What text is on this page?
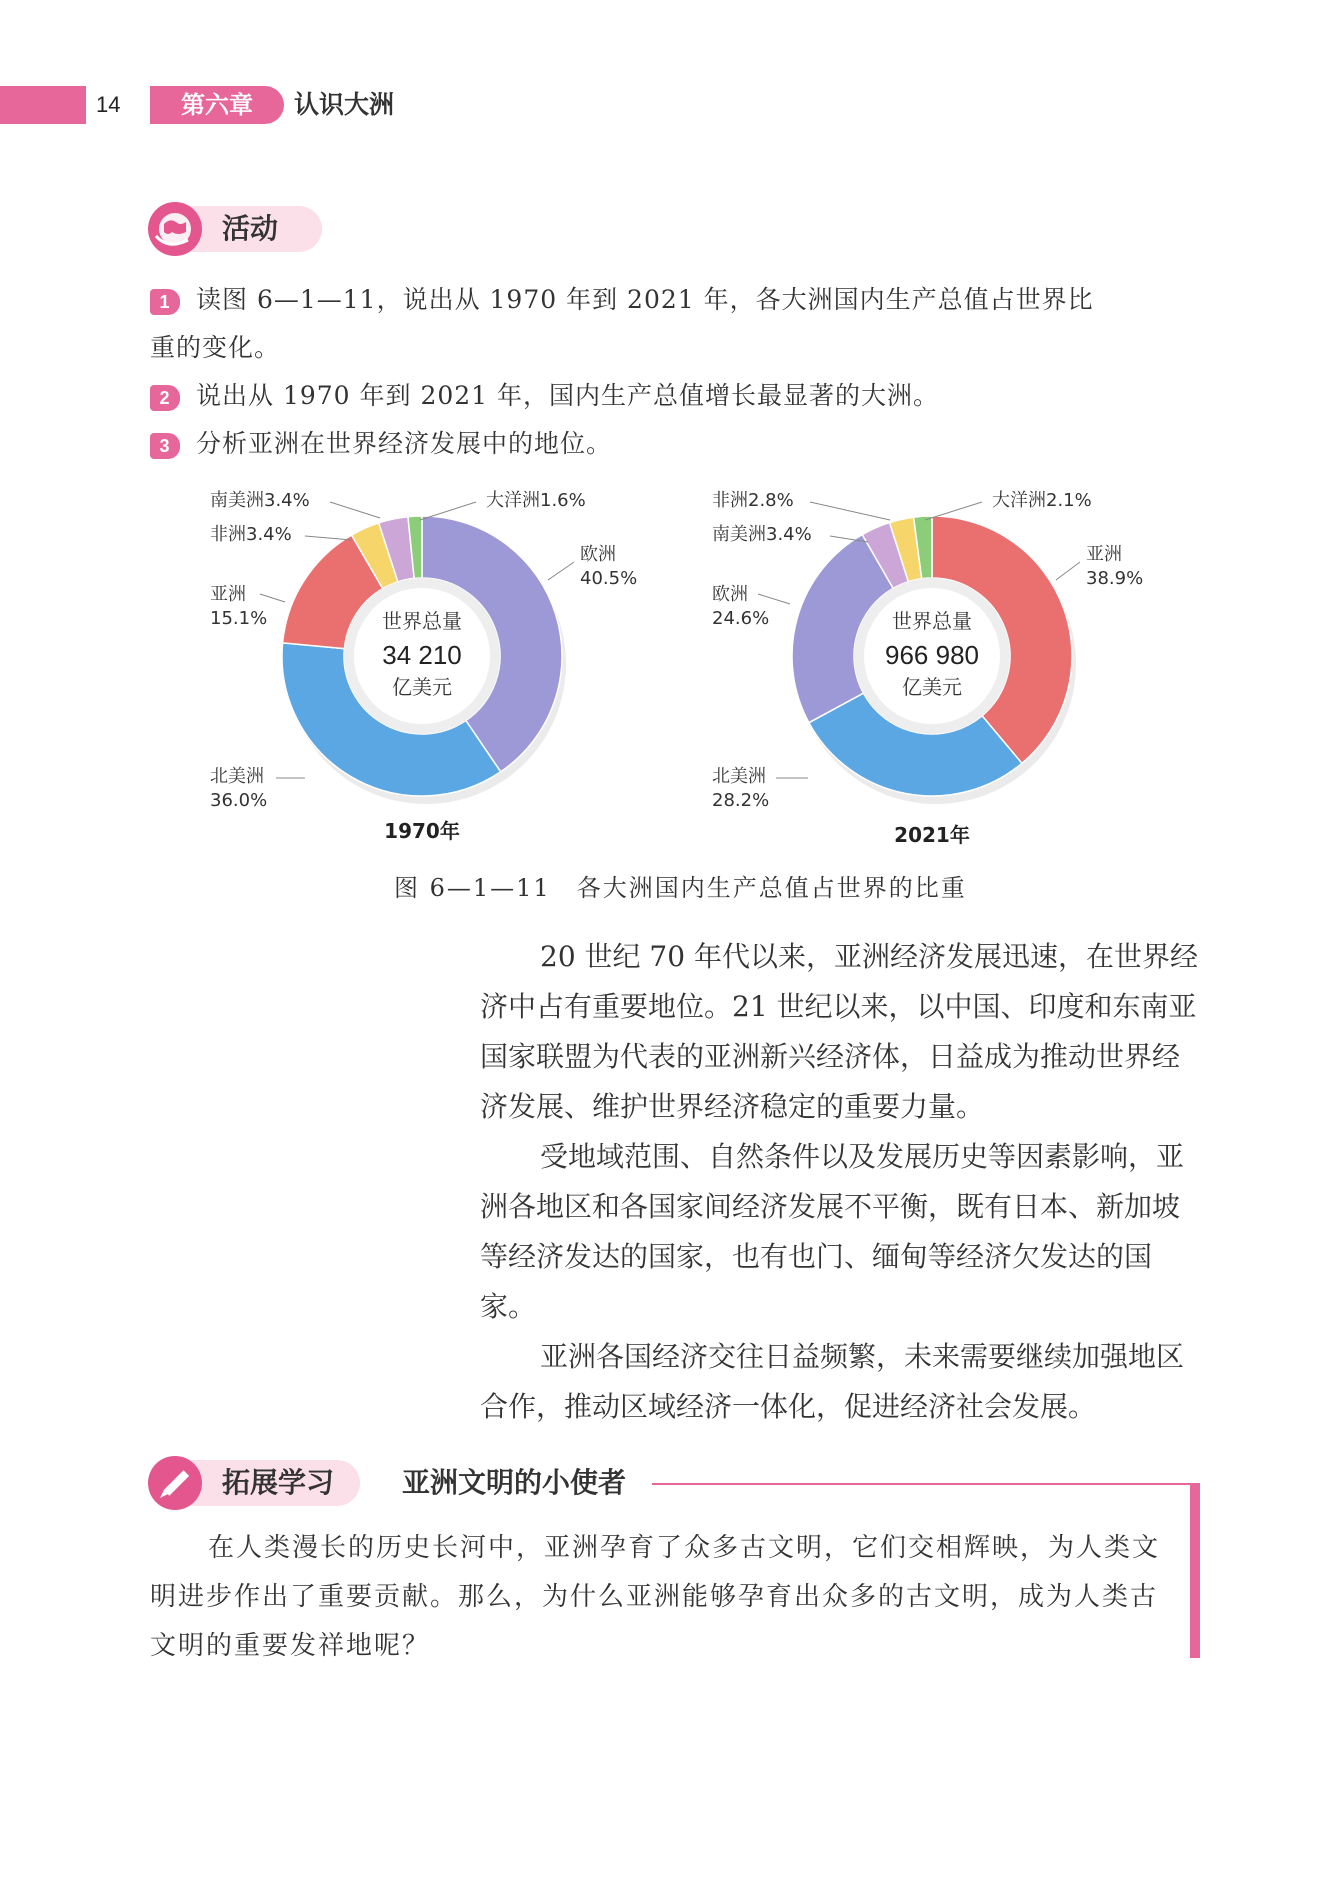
14	第六章	认识大洲
活动
1 读图 6—1—11，说出从 1970 年到 2021 年，各大洲国内生产总值占世界比
重的变化。
2 说出从 1970 年到 2021 年，国内生产总值增长最显著的大洲。
3 分析亚洲在世界经济发展中的地位。
世界总量
34 210
亿美元
欧洲
40.5%
北美洲
36.0%
亚洲
15.1%
非洲3.4%
南美洲3.4%	大洋洲1.6%
1970年
世界总量
966 980
亿美元
亚洲
38.9%
北美洲
28.2%
欧洲
24.6%
南美洲3.4%
非洲2.8%	大洋洲2.1%
2021年
图 6—1—11　各大洲国内生产总值占世界的比重

20 世纪 70 年代以来，亚洲经济发展迅速，在世界经济中占有重要地位。21 世纪以来，以中国、印度和东南亚国家联盟为代表的亚洲新兴经济体，日益成为推动世界经济发展、维护世界经济稳定的重要力量。

受地域范围、自然条件以及发展历史等因素影响，亚洲各地区和各国家间经济发展不平衡，既有日本、新加坡等经济发达的国家，也有也门、缅甸等经济欠发达的国家。

亚洲各国经济交往日益频繁，未来需要继续加强地区合作，推动区域经济一体化，促进经济社会发展。

拓展学习 亚洲文明的小使者

在人类漫长的历史长河中，亚洲孕育了众多古文明，它们交相辉映，为人类文明进步作出了重要贡献。那么，为什么亚洲能够孕育出众多的古文明，成为人类古文明的重要发祥地呢？
